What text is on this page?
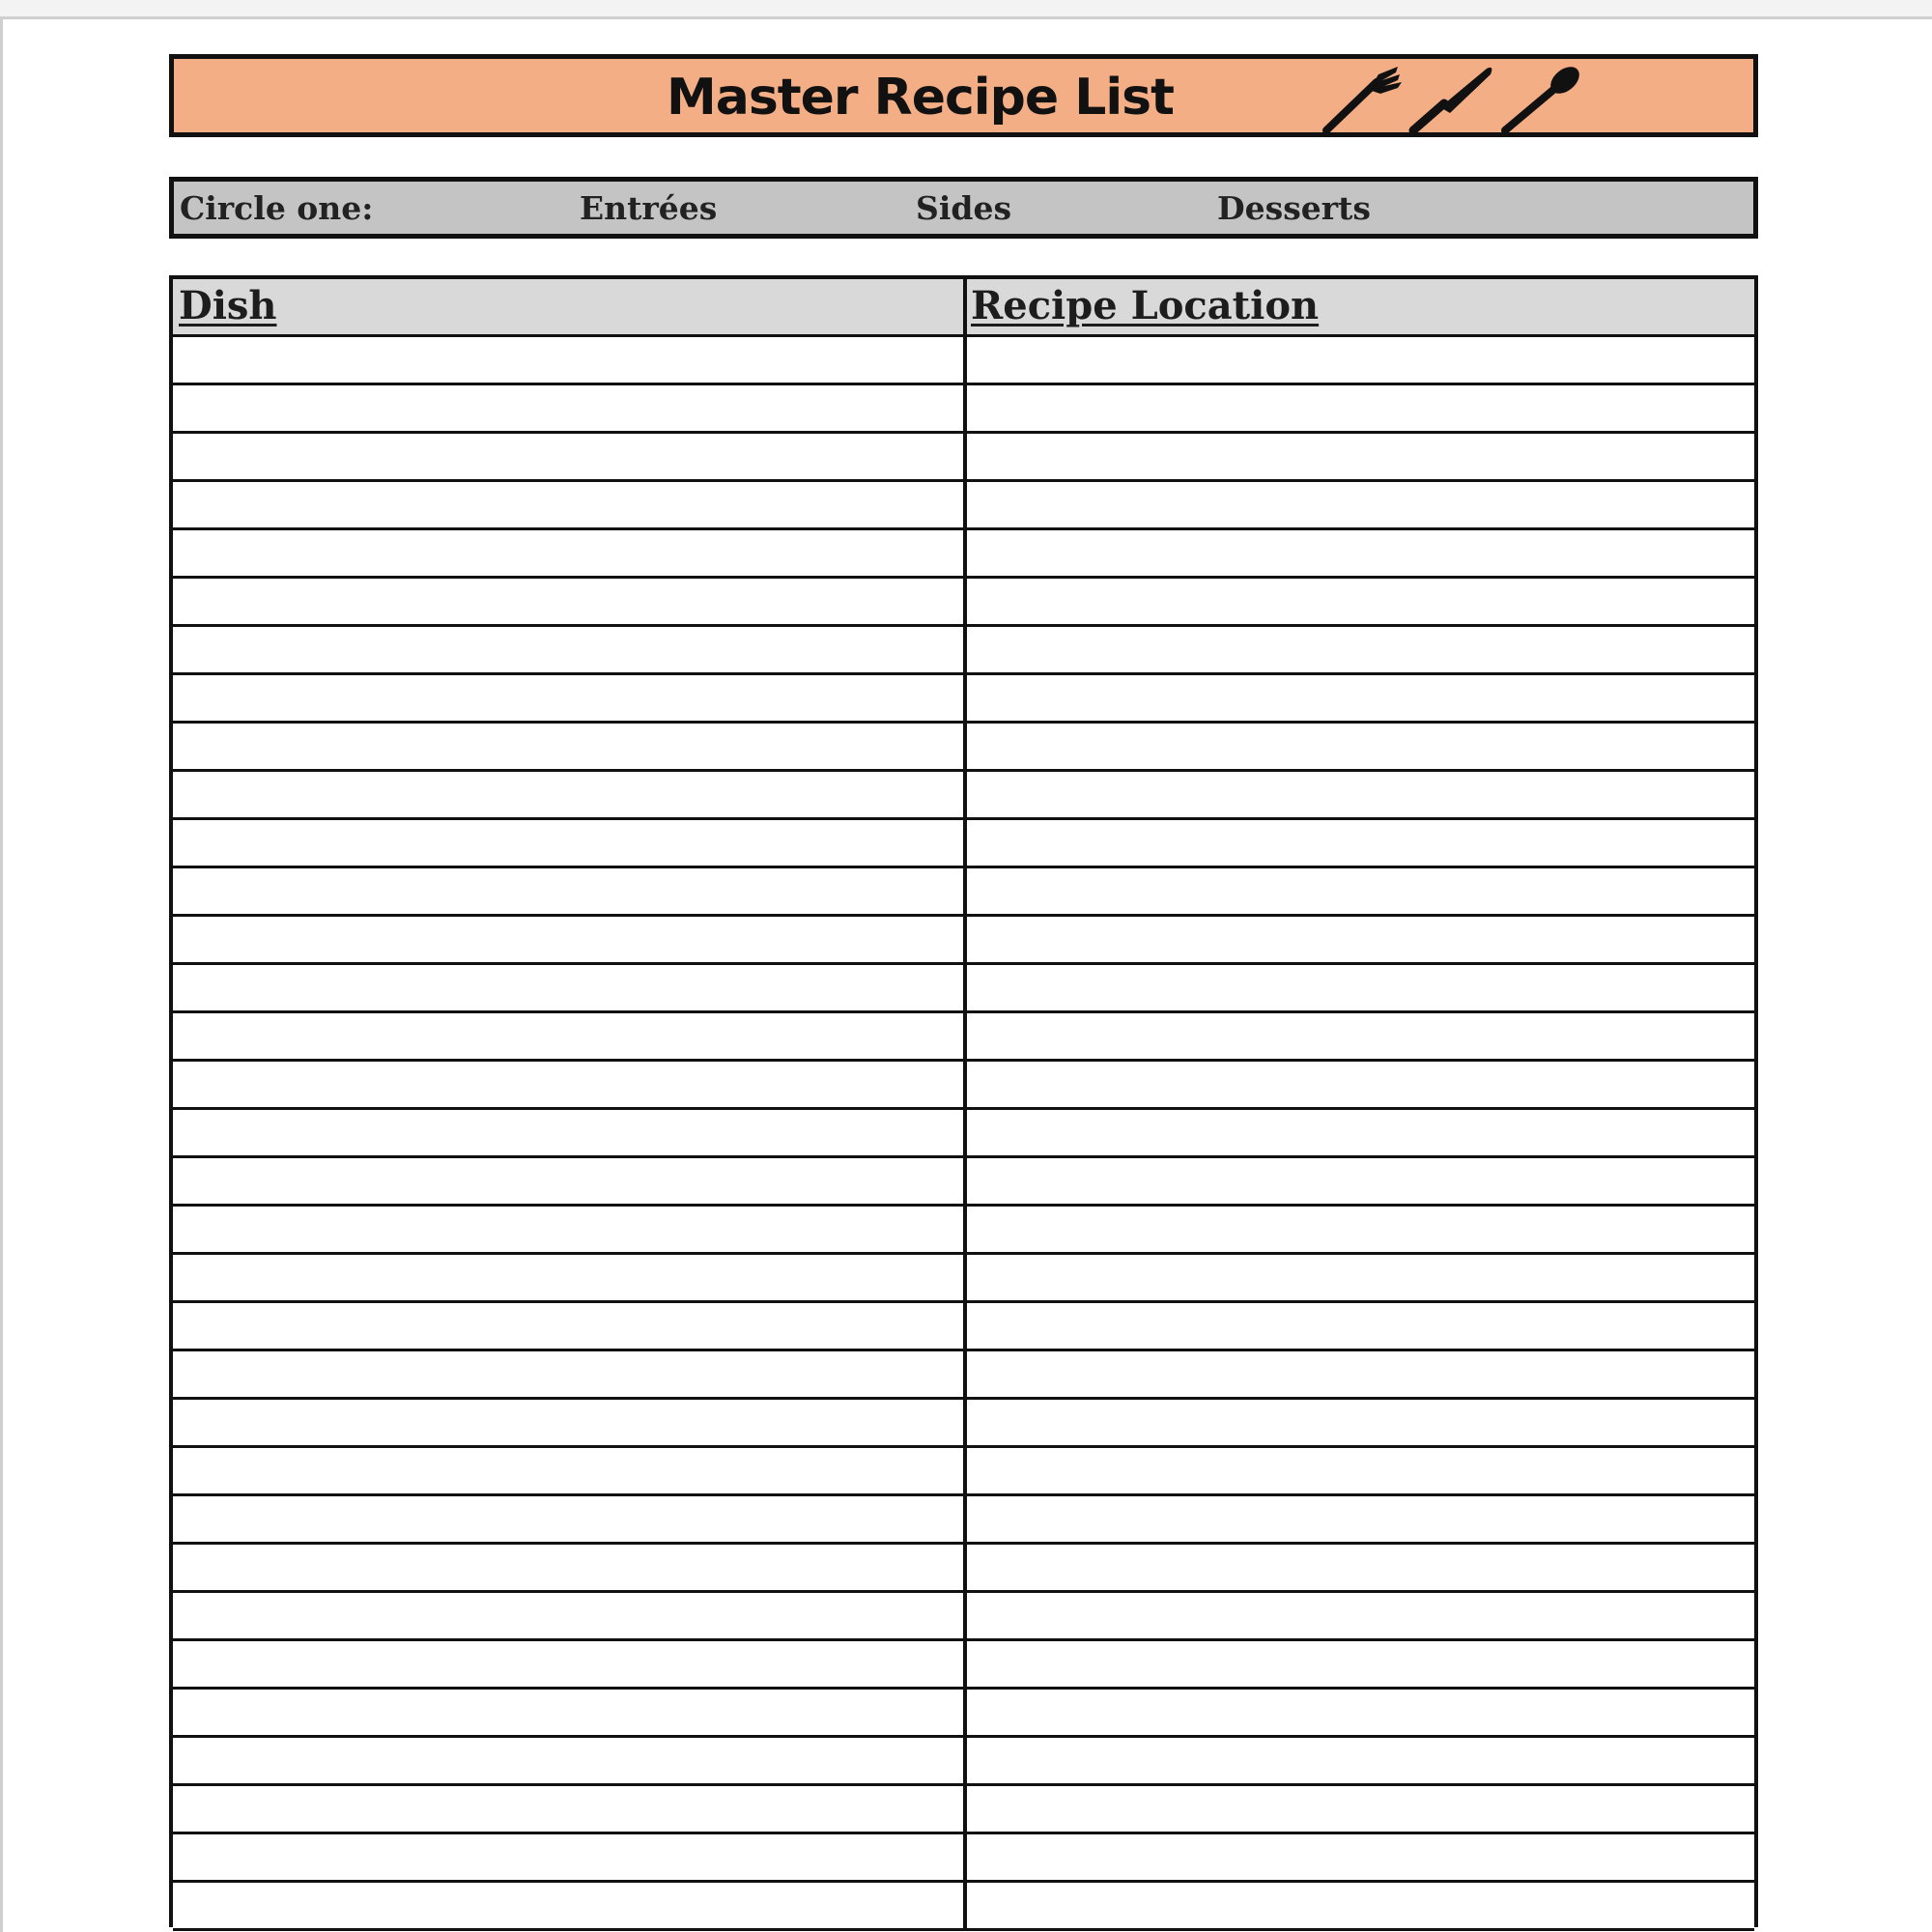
Master Recipe List
Circle one:	Entrées	Sides	Desserts
Dish	Recipe Location
